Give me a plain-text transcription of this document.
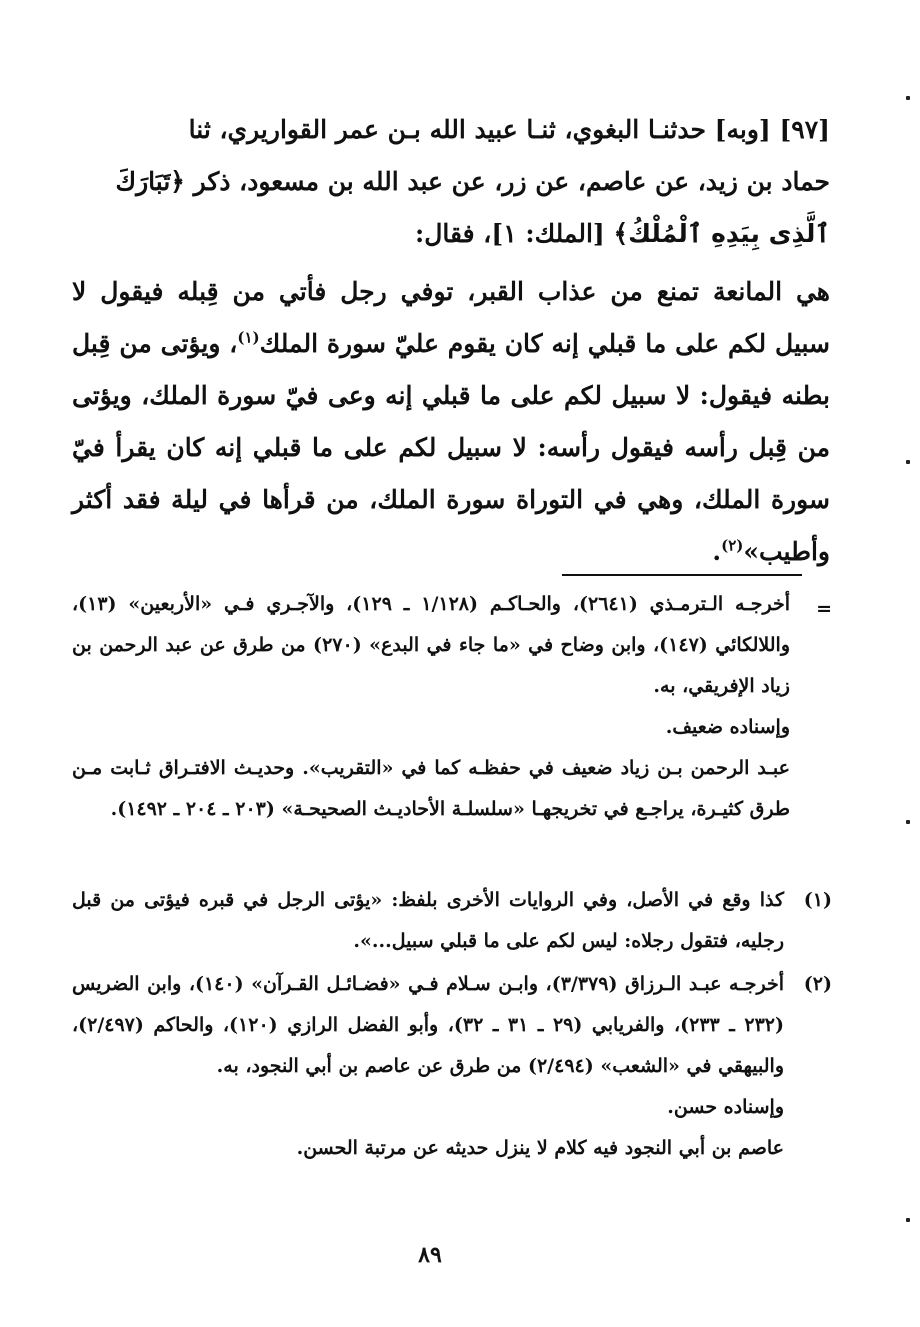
[٩٧] [وبه] حدثنـا البغوي، ثنـا عبيد الله بـن عمر القواريري، ثنا
حماد بن زيد، عن عاصم، عن زر، عن عبد الله بن مسعود، ذكر ﴿تَبَارَكَ
ٱلَّذِى بِيَدِهِ ٱلْمُلْكُ﴾ [الملك: ١]، فقال:

هي المانعة تمنع من عذاب القبر، توفي رجل فأتي من قِبله فيقول لا سبيل لكم على ما قبلي إنه كان يقوم عليّ سورة الملك$^{(١)}$، ويؤتى من قِبل بطنه فيقول: لا سبيل لكم على ما قبلي إنه وعى فيّ سورة الملك، ويؤتى من قِبل رأسه فيقول رأسه: لا سبيل لكم على ما قبلي إنه كان يقرأ فيّ سورة الملك، وهي في التوراة سورة الملك، من قرأها في ليلة فقد أكثر وأطيب»$^{(٢)}$.

=

أخرجـه الـترمـذي (٢٦٤١)، والحـاكـم (١/١٢٨ ـ ١٢٩)، والآجـري فـي «الأربعين» (١٣)، واللالكائي (١٤٧)، وابن وضاح في «ما جاء في البدع» (٢٧٠) من طرق عن عبد الرحمن بن زياد الإفريقي، به.

وإسناده ضعيف.

عبـد الرحمن بـن زياد ضعيف في حفظـه كما في «التقريب». وحديـث الافتـراق ثـابت مـن طرق كثيـرة، يراجـع في تخريجهـا «سلسلـة الأحاديـث الصحيحـة» (٢٠٣ ـ ٢٠٤ ـ ١٤٩٢).

(١)

كذا وقع في الأصل، وفي الروايات الأخرى بلفظ: «يؤتى الرجل في قبره فيؤتى من قبل رجليه، فتقول رجلاه: ليس لكم على ما قبلي سبيل...».

(٢)

أخرجـه عبـد الـرزاق (٣/٣٧٩)، وابـن سـلام فـي «فضـائـل القـرآن» (١٤٠)، وابن الضريس (٢٣٢ ـ ٢٣٣)، والفريابي (٢٩ ـ ٣١ ـ ٣٢)، وأبو الفضل الرازي (١٢٠)، والحاكم (٢/٤٩٧)، والبيهقي في «الشعب» (٢/٤٩٤) من طرق عن عاصم بن أبي النجود، به.

وإسناده حسن.

عاصم بن أبي النجود فيه كلام لا ينزل حديثه عن مرتبة الحسن.

٨٩
